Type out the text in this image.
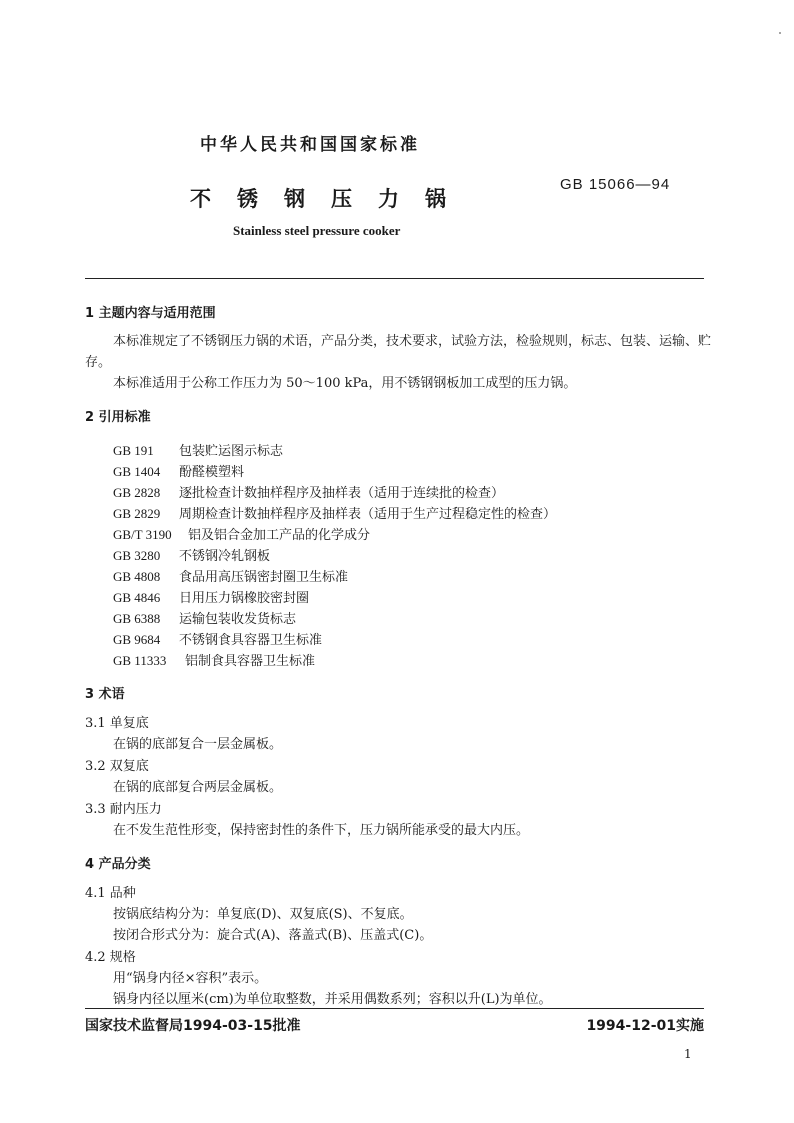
中华人民共和国国家标准
不锈钢压力锅
GB 15066—94
Stainless steel pressure cooker
1 主题内容与适用范围
本标准规定了不锈钢压力锅的术语，产品分类，技术要求，试验方法，检验规则，标志、包装、运输、贮
存。
本标准适用于公称工作压力为 50～100 kPa，用不锈钢钢板加工成型的压力锅。
2 引用标准
GB 191 包装贮运图示标志
GB 1404 酚醛模塑料
GB 2828 逐批检查计数抽样程序及抽样表（适用于连续批的检查）
GB 2829 周期检查计数抽样程序及抽样表（适用于生产过程稳定性的检查）
GB/T 3190 铝及铝合金加工产品的化学成分
GB 3280 不锈钢冷轧钢板
GB 4808 食品用高压锅密封圈卫生标准
GB 4846 日用压力锅橡胶密封圈
GB 6388 运输包装收发货标志
GB 9684 不锈钢食具容器卫生标准
GB 11333 铝制食具容器卫生标准
3 术语
3.1 单复底
在锅的底部复合一层金属板。
3.2 双复底
在锅的底部复合两层金属板。
3.3 耐内压力
在不发生范性形变，保持密封性的条件下，压力锅所能承受的最大内压。
4 产品分类
4.1 品种
按锅底结构分为：单复底(D)、双复底(S)、不复底。
按闭合形式分为：旋合式(A)、落盖式(B)、压盖式(C)。
4.2 规格
用“锅身内径×容积”表示。
锅身内径以厘米(cm)为单位取整数，并采用偶数系列；容积以升(L)为单位。
国家技术监督局1994-03-15批准	1994-12-01实施
1
